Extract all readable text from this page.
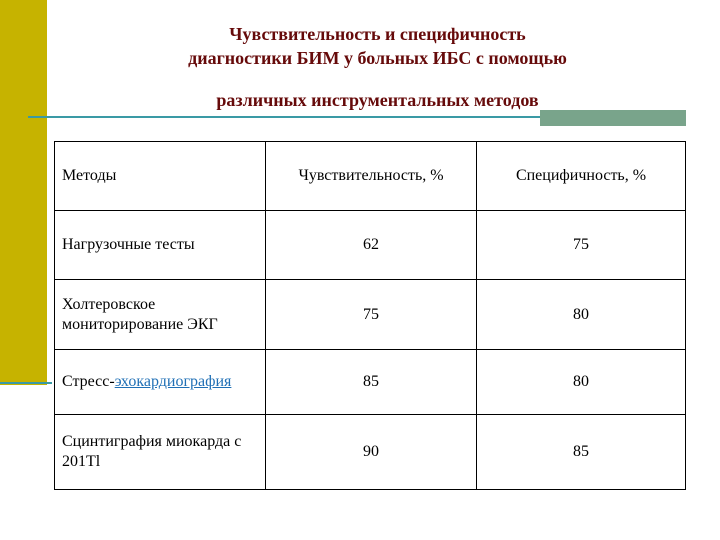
Чувствительность и специфичность
диагностики БИМ у больных ИБС с помощью
различных инструментальных методов
Методы	Чувствительность, %	Специфичность, %
Нагрузочные тесты	62	75

Холтеровское мониторирование ЭКГ	75	80
Стресс-эхокардиография	85	80

Сцинтиграфия миокарда с 201Tl	90	85
